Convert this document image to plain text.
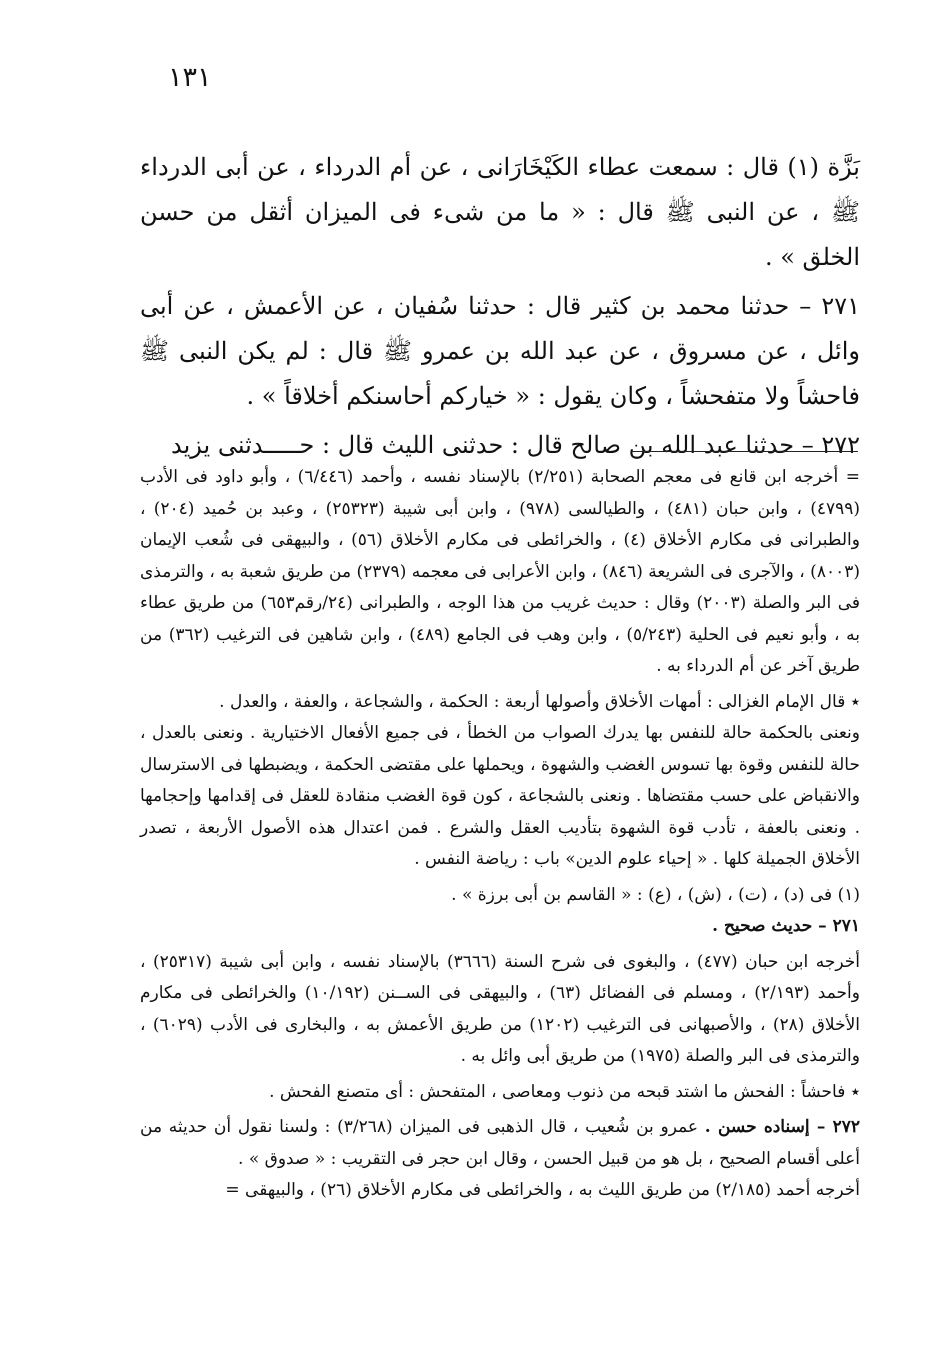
١٣١

بَزَّة (١) قال : سمعت عطاء الكَيْخَارَانى ، عن أم الدرداء ، عن أبى الدرداء ﷺ ، عن النبى ﷺ قال : « ما من شىء فى الميزان أثقل من حسن الخلق » .

٢٧١ – حدثنا محمد بن كثير قال : حدثنا سُفيان ، عن الأعمش ، عن أبى وائل ، عن مسروق ، عن عبد الله بن عمرو ﷺ قال : لم يكن النبى ﷺ فاحشاً ولا متفحشاً ، وكان يقول : « خياركم أحاسنكم أخلاقاً » .

٢٧٢ – حدثنا عبد الله بن صالح قال : حدثنى الليث قال : حـــــدثنى يزيد

= أخرجه ابن قانع فى معجم الصحابة (٢/٢٥١) بالإسناد نفسه ، وأحمد (٦/٤٤٦) ، وأبو داود فى الأدب (٤٧٩٩) ، وابن حبان (٤٨١) ، والطيالسى (٩٧٨) ، وابن أبى شيبة (٢٥٣٢٣) ، وعبد بن حُميد (٢٠٤) ، والطبرانى فى مكارم الأخلاق (٤) ، والخرائطى فى مكارم الأخلاق (٥٦) ، والبيهقى فى شُعب الإيمان (٨٠٠٣) ، والآجرى فى الشريعة (٨٤٦) ، وابن الأعرابى فى معجمه (٢٣٧٩) من طريق شعبة به ، والترمذى فى البر والصلة (٢٠٠٣) وقال : حديث غريب من هذا الوجه ، والطبرانى (٢٤/رقم٦٥٣) من طريق عطاء به ، وأبو نعيم فى الحلية (٥/٢٤٣) ، وابن وهب فى الجامع (٤٨٩) ، وابن شاهين فى الترغيب (٣٦٢) من طريق آخر عن أم الدرداء به .

٭ قال الإمام الغزالى : أمهات الأخلاق وأصولها أربعة : الحكمة ، والشجاعة ، والعفة ، والعدل .

ونعنى بالحكمة حالة للنفس بها يدرك الصواب من الخطأ ، فى جميع الأفعال الاختيارية . ونعنى بالعدل ، حالة للنفس وقوة بها تسوس الغضب والشهوة ، ويحملها على مقتضى الحكمة ، ويضبطها فى الاسترسال والانقباض على حسب مقتضاها . ونعنى بالشجاعة ، كون قوة الغضب منقادة للعقل فى إقدامها وإحجامها . ونعنى بالعفة ، تأدب قوة الشهوة بتأديب العقل والشرع . فمن اعتدال هذه الأصول الأربعة ، تصدر الأخلاق الجميلة كلها . « إحياء علوم الدين» باب : رياضة النفس .

(١) فى (د) ، (ت) ، (ش) ، (ع) : « القاسم بن أبى برزة » .

٢٧١ – حديث صحيح .

أخرجه ابن حبان (٤٧٧) ، والبغوى فى شرح السنة (٣٦٦٦) بالإسناد نفسه ، وابن أبى شيبة (٢٥٣١٧) ، وأحمد (٢/١٩٣) ، ومسلم فى الفضائل (٦٣) ، والبيهقى فى الســنن (١٠/١٩٢) والخرائطى فى مكارم الأخلاق (٢٨) ، والأصبهانى فى الترغيب (١٢٠٢) من طريق الأعمش به ، والبخارى فى الأدب (٦٠٢٩) ، والترمذى فى البر والصلة (١٩٧٥) من طريق أبى وائل به .

٭ فاحشاً : الفحش ما اشتد قبحه من ذنوب ومعاصى ، المتفحش : أى متصنع الفحش .

٢٧٢ – إسناده حسن . عمرو بن شُعيب ، قال الذهبى فى الميزان (٣/٢٦٨) : ولسنا نقول أن حديثه من أعلى أقسام الصحيح ، بل هو من قبيل الحسن ، وقال ابن حجر فى التقريب : « صدوق » .

أخرجه أحمد (٢/١٨٥) من طريق الليث به ، والخرائطى فى مكارم الأخلاق (٢٦) ، والبيهقى =
